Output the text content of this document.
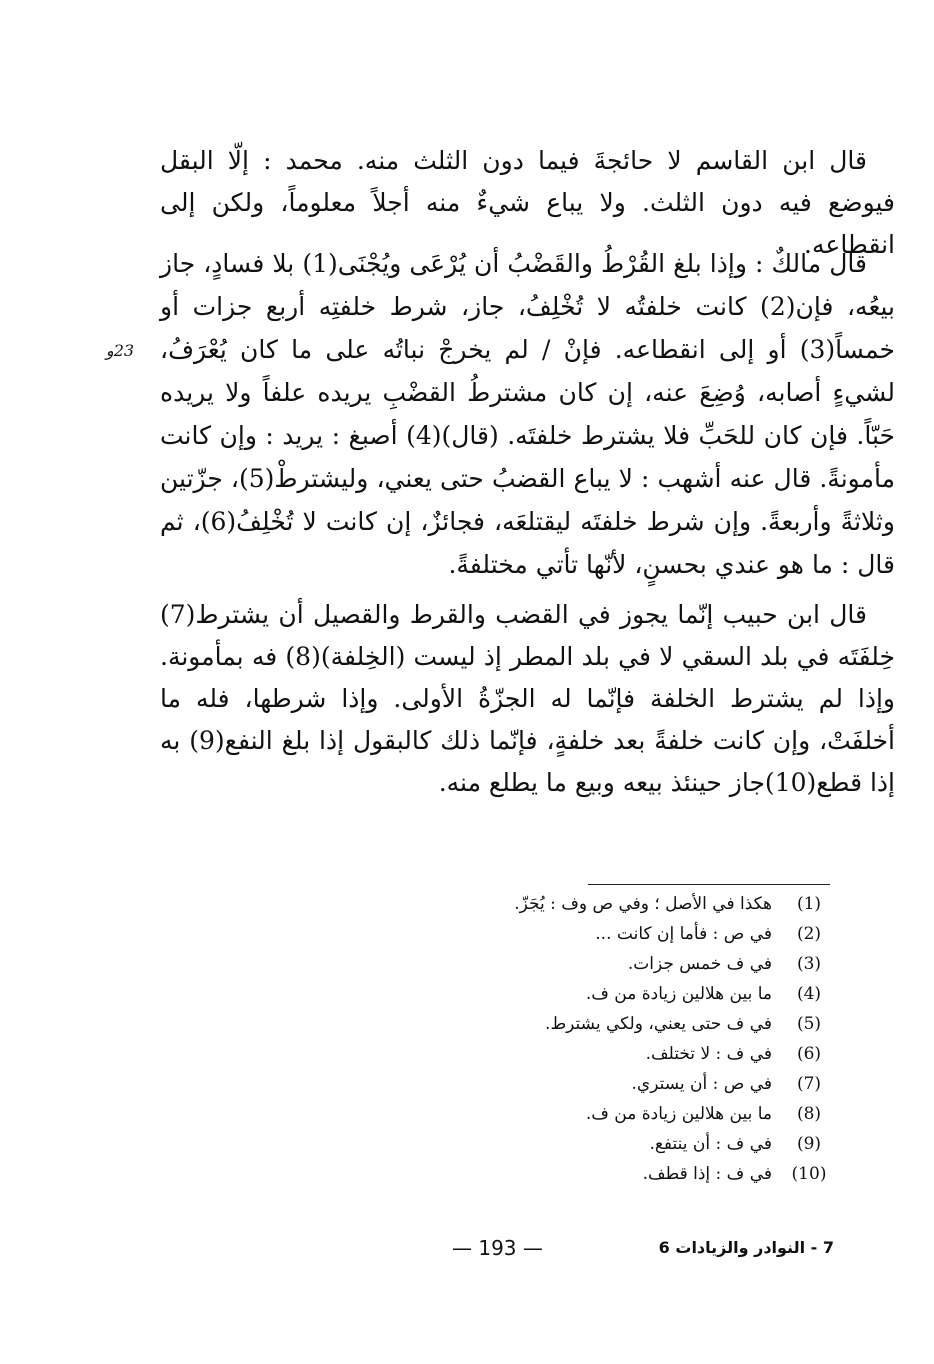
قال ابن القاسم لا حائجةَ فيما دون الثلث منه. محمد : إلّا البقل فيوضع فيه دون الثلث. ولا يباع شيءٌ منه أجلاً معلوماً، ولكن إلى انقطاعه.

قال مالكٌ : وإذا بلغ القُرْطُ والقَضْبُ أن يُرْعَى ويُجْنَى(1) بلا فسادٍ، جاز بيعُه، فإن(2) كانت خلفتُه لا تُخْلِفُ، جاز، شرط خلفتِه أربع جزات أو خمساً(3) أو إلى انقطاعه. فإنْ / لم يخرجْ نباتُه على ما كان يُعْرَفُ، لشيءٍ أصابه، وُضِعَ عنه، إن كان مشترطُ القضْبِ يريده علفاً ولا يريده حَبّاً. فإن كان للحَبِّ فلا يشترط خلفتَه. (قال)(4) أصبغ : يريد : وإن كانت مأمونةً. قال عنه أشهب : لا يباع القضبُ حتى يعني، وليشترطْ(5)، جزّتين وثلاثةً وأربعةً. وإن شرط خلفتَه ليقتلعَه، فجائزٌ، إن كانت لا تُخْلِفُ(6)، ثم قال : ما هو عندي بحسنٍ، لأنّها تأتي مختلفةً.

23و

قال ابن حبيب إنّما يجوز في القضب والقرط والقصيل أن يشترط(7) خِلفَتَه في بلد السقي لا في بلد المطر إذ ليست (الخِلفة)(8) فه بمأمونة. وإذا لم يشترط الخلفة فإنّما له الجزّةُ الأولى. وإذا شرطها، فله ما أخلفَتْ، وإن كانت خلفةً بعد خلفةٍ، فإنّما ذلك كالبقول إذا بلغ النفع(9) به إذا قطع(10)جاز حينئذ بيعه وبيع ما يطلع منه.

(1)
هكذا في الأصل ؛ وفي ص وف : يُجَزّ.
(2)
في ص : فأما إن كانت ...
(3)
في ف خمس جزات.
(4)
ما بين هلالين زيادة من ف.
(5)
في ف حتى يعني، ولكي يشترط.
(6)
في ف : لا تختلف.
(7)
في ص : أن يستري.
(8)
ما بين هلالين زيادة من ف.
(9)
في ف : أن ينتفع.
(10)
في ف : إذا قطف.
— 193 —	7 - النوادر والزيادات 6
